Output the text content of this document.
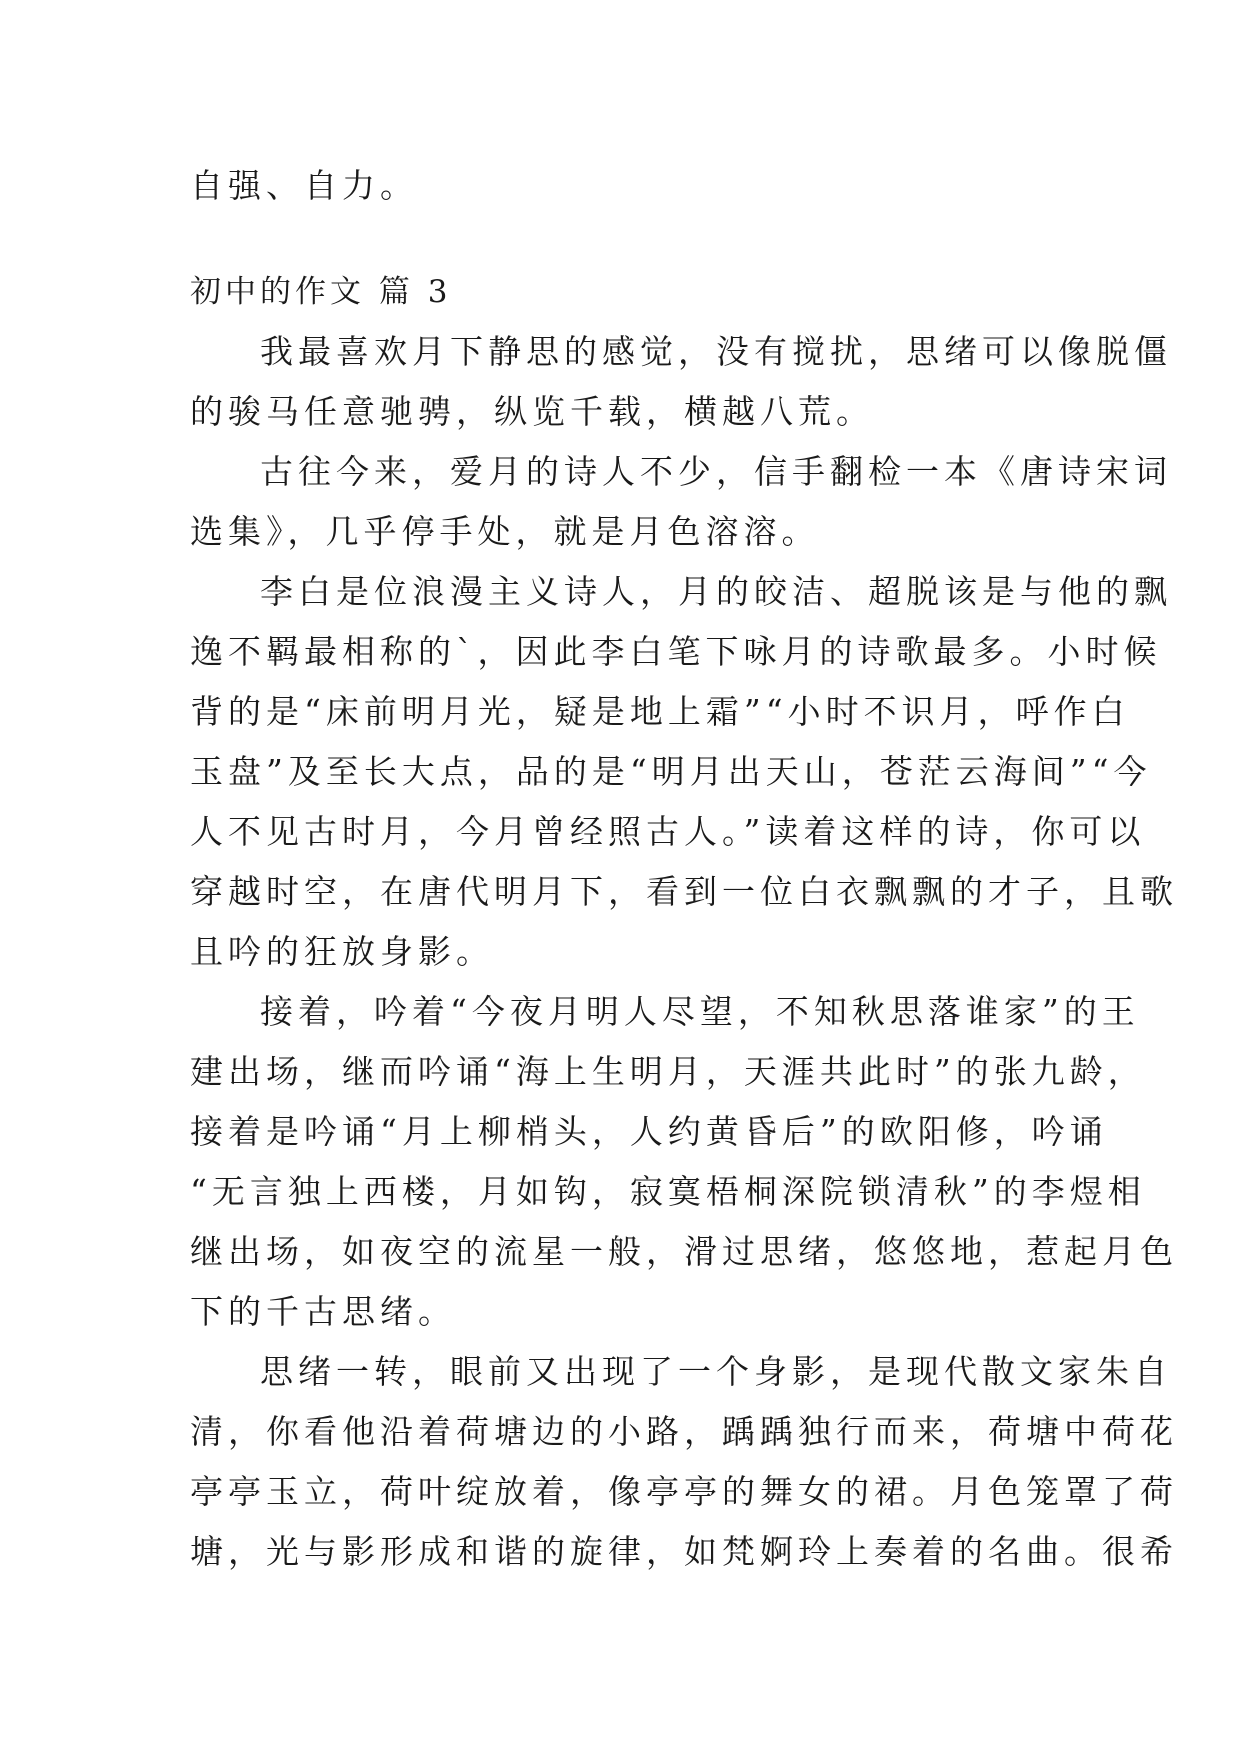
自强、自力。
初中的作文 篇 3
我最喜欢月下静思的感觉，没有搅扰，思绪可以像脱僵
的骏马任意驰骋，纵览千载，横越八荒。
古往今来，爱月的诗人不少，信手翻检一本《唐诗宋词
选集》，几乎停手处，就是月色溶溶。
李白是位浪漫主义诗人，月的皎洁、超脱该是与他的飘
逸不羁最相称的`，因此李白笔下咏月的诗歌最多。小时候
背的是“床前明月光，疑是地上霜”“小时不识月，呼作白
玉盘”及至长大点，品的是“明月出天山，苍茫云海间”“今
人不见古时月，今月曾经照古人。”读着这样的诗，你可以
穿越时空，在唐代明月下，看到一位白衣飘飘的才子，且歌
且吟的狂放身影。
接着，吟着“今夜月明人尽望，不知秋思落谁家”的王
建出场，继而吟诵“海上生明月，天涯共此时”的张九龄，
接着是吟诵“月上柳梢头，人约黄昏后”的欧阳修，吟诵
“无言独上西楼，月如钩，寂寞梧桐深院锁清秋”的李煜相
继出场，如夜空的流星一般，滑过思绪，悠悠地，惹起月色
下的千古思绪。
思绪一转，眼前又出现了一个身影，是现代散文家朱自
清，你看他沿着荷塘边的小路，踽踽独行而来，荷塘中荷花
亭亭玉立，荷叶绽放着，像亭亭的舞女的裙。月色笼罩了荷
塘，光与影形成和谐的旋律，如梵婀玲上奏着的名曲。很希
